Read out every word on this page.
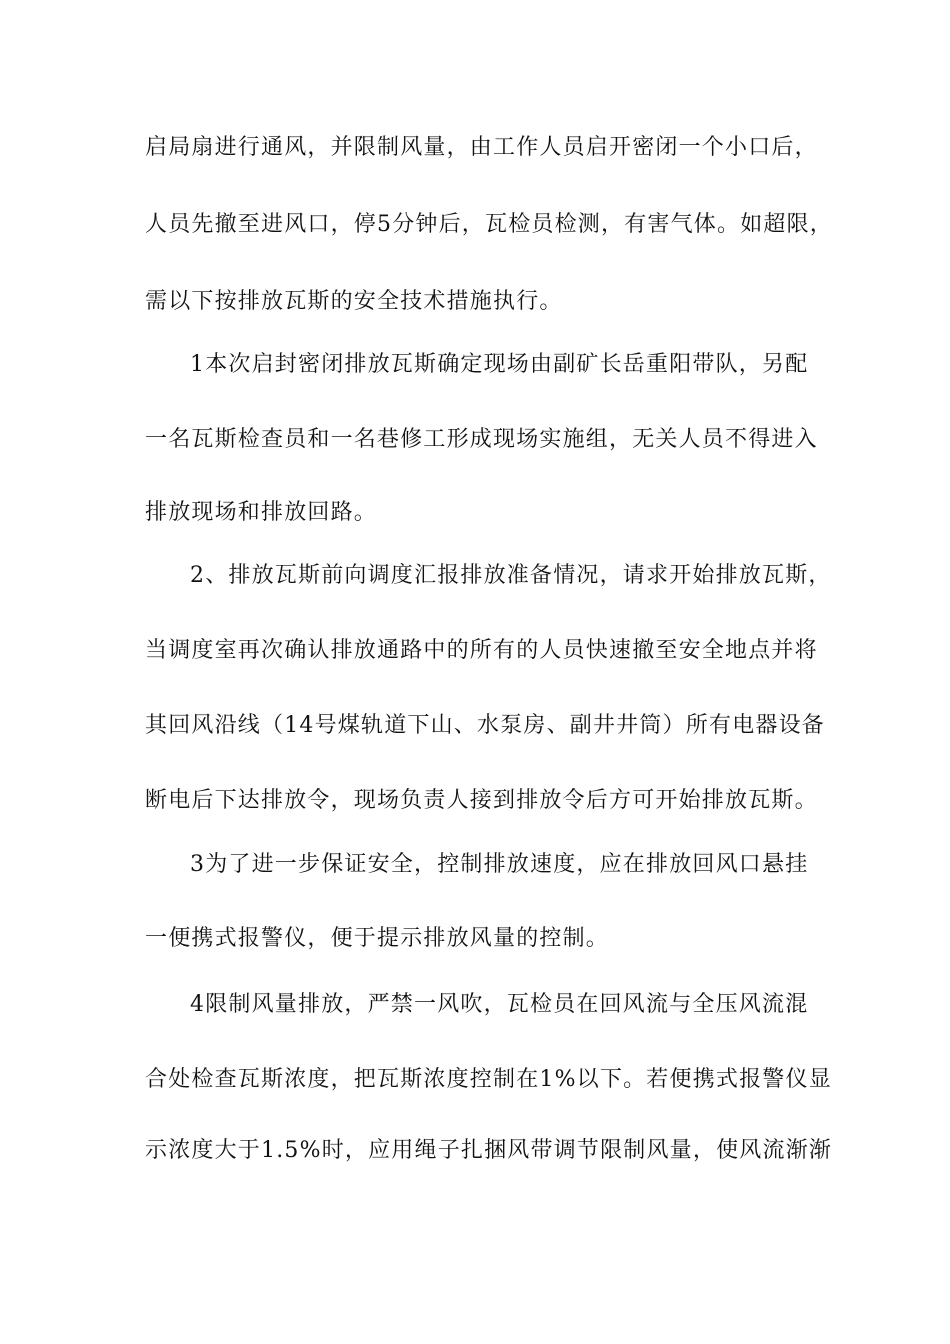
启局扇进行通风，并限制风量，由工作人员启开密闭一个小口后，
人员先撤至进风口，停5分钟后，瓦检员检测，有害气体。如超限，
需以下按排放瓦斯的安全技术措施执行。
1本次启封密闭排放瓦斯确定现场由副矿长岳重阳带队，另配
一名瓦斯检查员和一名巷修工形成现场实施组，无关人员不得进入
排放现场和排放回路。
2、排放瓦斯前向调度汇报排放准备情况，请求开始排放瓦斯，
当调度室再次确认排放通路中的所有的人员快速撤至安全地点并将
其回风沿线（14号煤轨道下山、水泵房、副井井筒）所有电器设备
断电后下达排放令，现场负责人接到排放令后方可开始排放瓦斯。
3为了进一步保证安全，控制排放速度，应在排放回风口悬挂
一便携式报警仪，便于提示排放风量的控制。
4限制风量排放，严禁一风吹，瓦检员在回风流与全压风流混
合处检查瓦斯浓度，把瓦斯浓度控制在1%以下。若便携式报警仪显
示浓度大于1.5%时，应用绳子扎捆风带调节限制风量，使风流渐渐
